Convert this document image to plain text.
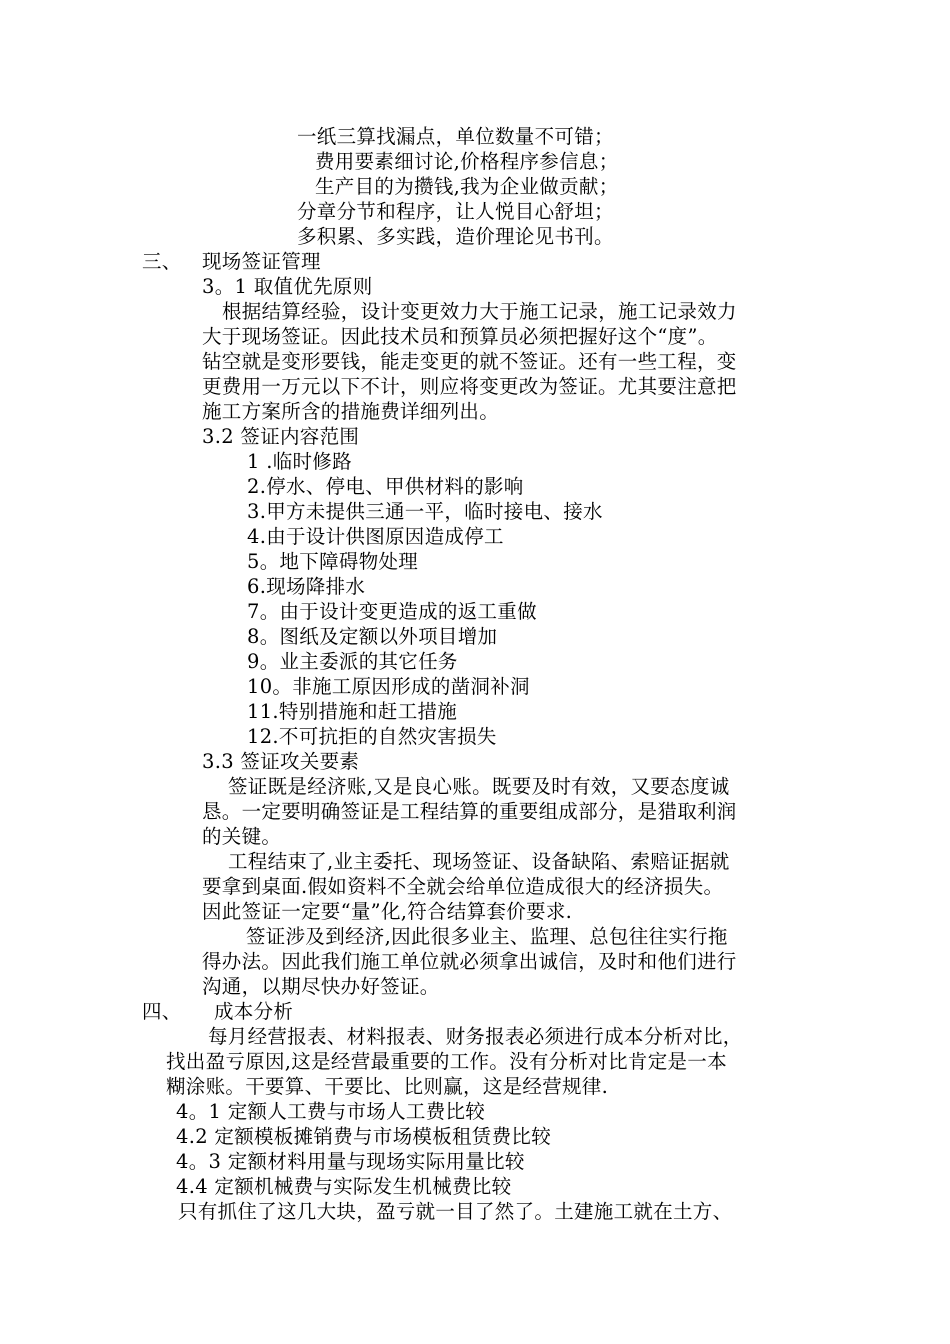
一纸三算找漏点，单位数量不可错；
费用要素细讨论,价格程序参信息；
生产目的为攒钱,我为企业做贡献；
分章分节和程序，让人悦目心舒坦；
多积累、多实践，造价理论见书刊。
三、 现场签证管理
3。1 取值优先原则
根据结算经验，设计变更效力大于施工记录，施工记录效力
大于现场签证。因此技术员和预算员必须把握好这个“度”。
钻空就是变形要钱，能走变更的就不签证。还有一些工程，变
更费用一万元以下不计，则应将变更改为签证。尤其要注意把
施工方案所含的措施费详细列出。
3.2 签证内容范围
1 .临时修路
2.停水、停电、甲供材料的影响
3.甲方未提供三通一平，临时接电、接水
4.由于设计供图原因造成停工
5。地下障碍物处理
6.现场降排水
7。由于设计变更造成的返工重做
8。图纸及定额以外项目增加
9。业主委派的其它任务
10。非施工原因形成的凿洞补洞
11.特别措施和赶工措施
12.不可抗拒的自然灾害损失
3.3 签证攻关要素
签证既是经济账,又是良心账。既要及时有效，又要态度诚
恳。一定要明确签证是工程结算的重要组成部分，是猎取利润
的关键。
工程结束了,业主委托、现场签证、设备缺陷、索赔证据就
要拿到桌面.假如资料不全就会给单位造成很大的经济损失。
因此签证一定要“量”化,符合结算套价要求.
签证涉及到经济,因此很多业主、监理、总包往往实行拖
得办法。因此我们施工单位就必须拿出诚信，及时和他们进行
沟通，以期尽快办好签证。
四、 成本分析
每月经营报表、材料报表、财务报表必须进行成本分析对比，
找出盈亏原因,这是经营最重要的工作。没有分析对比肯定是一本
糊涂账。干要算、干要比、比则赢，这是经营规律.
4。1 定额人工费与市场人工费比较
4.2 定额模板摊销费与市场模板租赁费比较
4。3 定额材料用量与现场实际用量比较
4.4 定额机械费与实际发生机械费比较
只有抓住了这几大块，盈亏就一目了然了。土建施工就在土方、
